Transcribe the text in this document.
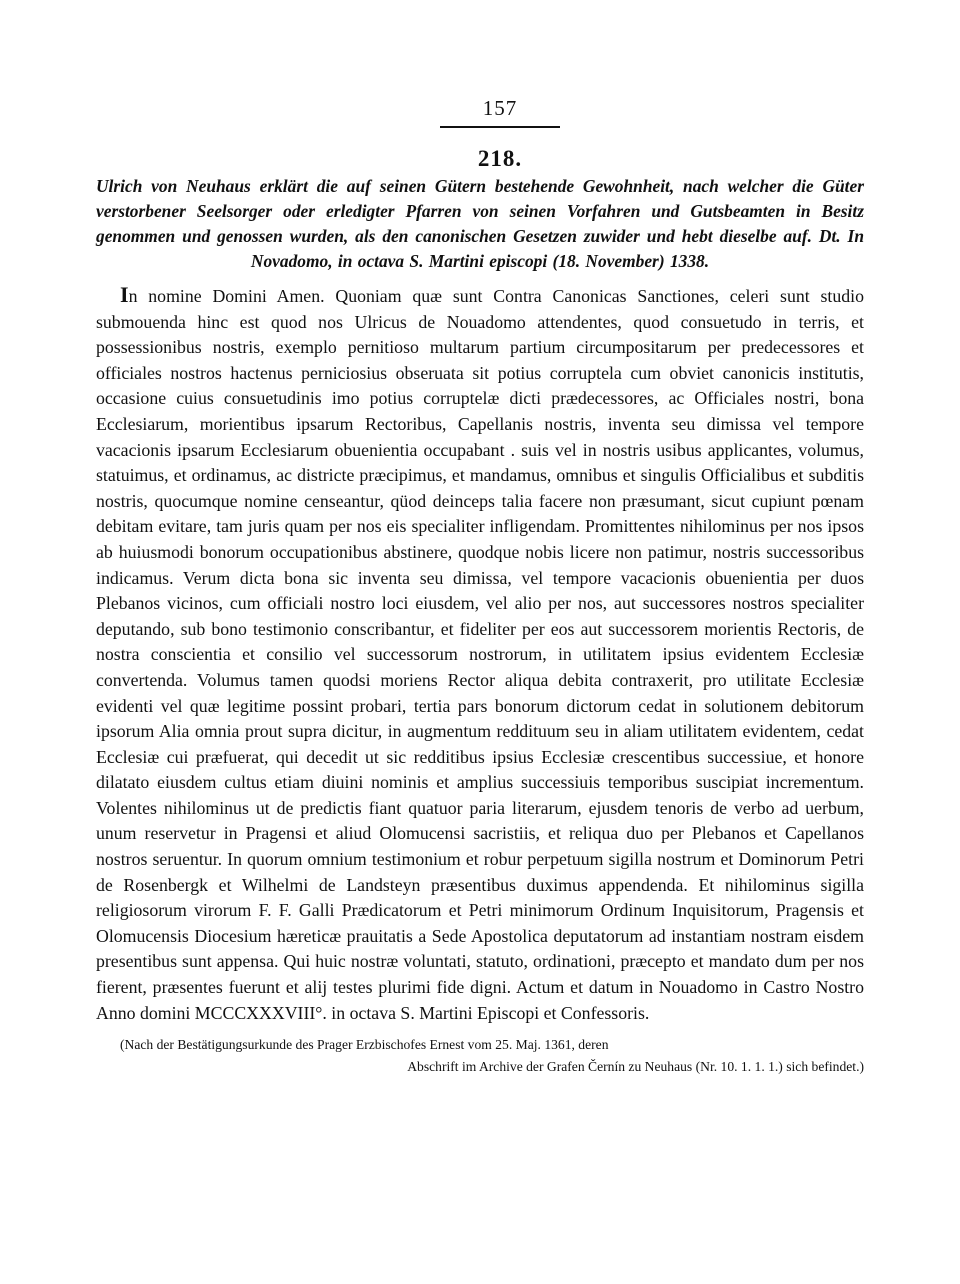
157
218.
Ulrich von Neuhaus erklärt die auf seinen Gütern bestehende Gewohnheit, nach welcher die Güter verstorbener Seelsorger oder erledigter Pfarren von seinen Vorfahren und Gutsbeamten in Besitz genommen und genossen wurden, als den canonischen Gesetzen zuwider und hebt dieselbe auf. Dt. In Novadomo, in octava S. Martini episcopi (18. November) 1338.
In nomine Domini Amen. Quoniam quæ sunt Contra Canonicas Sanctiones, celeri sunt studio submouenda hinc est quod nos Ulricus de Nouadomo attendentes, quod consuetudo in terris, et possessionibus nostris, exemplo pernitioso multarum partium circumpositarum per predecessores et officiales nostros hactenus perniciosius obseruata sit potius corruptela cum obviet canonicis institutis, occasione cuius consuetudinis imo potius corruptelæ dicti prædecessores, ac Officiales nostri, bona Ecclesiarum, morientibus ipsarum Rectoribus, Capellanis nostris, inventa seu dimissa vel tempore vacacionis ipsarum Ecclesiarum obuenientia occupabant . suis vel in nostris usibus applicantes, volumus, statuimus, et ordinamus, ac districte præcipimus, et mandamus, omnibus et singulis Officialibus et subditis nostris, quocumque nomine censeantur, qüod deinceps talia facere non præsumant, sicut cupiunt pœnam debitam evitare, tam juris quam per nos eis specialiter infligendam. Promittentes nihilominus per nos ipsos ab huiusmodi bonorum occupationibus abstinere, quodque nobis licere non patimur, nostris successoribus indicamus. Verum dicta bona sic inventa seu dimissa, vel tempore vacacionis obuenientia per duos Plebanos vicinos, cum officiali nostro loci eiusdem, vel alio per nos, aut successores nostros specialiter deputando, sub bono testimonio conscribantur, et fideliter per eos aut successorem morientis Rectoris, de nostra conscientia et consilio vel successorum nostrorum, in utilitatem ipsius evidentem Ecclesiæ convertenda. Volumus tamen quodsi moriens Rector aliqua debita contraxerit, pro utilitate Ecclesiæ evidenti vel quæ legitime possint probari, tertia pars bonorum dictorum cedat in solutionem debitorum ipsorum Alia omnia prout supra dicitur, in augmentum reddituum seu in aliam utilitatem evidentem, cedat Ecclesiæ cui præfuerat, qui decedit ut sic redditibus ipsius Ecclesiæ crescentibus successiue, et honore dilatato eiusdem cultus etiam diuini nominis et amplius successiuis temporibus suscipiat incrementum. Volentes nihilominus ut de predictis fiant quatuor paria literarum, ejusdem tenoris de verbo ad uerbum, unum reservetur in Pragensi et aliud Olomucensi sacristiis, et reliqua duo per Plebanos et Capellanos nostros seruentur. In quorum omnium testimonium et robur perpetuum sigilla nostrum et Dominorum Petri de Rosenbergk et Wilhelmi de Landsteyn præsentibus duximus appendenda. Et nihilominus sigilla religiosorum virorum F. F. Galli Prædicatorum et Petri minimorum Ordinum Inquisitorum, Pragensis et Olomucensis Diocesium hæreticæ prauitatis a Sede Apostolica deputatorum ad instantiam nostram eisdem presentibus sunt appensa. Qui huic nostræ voluntati, statuto, ordinationi, præcepto et mandato dum per nos fierent, præsentes fuerunt et alij testes plurimi fide digni. Actum et datum in Nouadomo in Castro Nostro Anno domini MCCCXXXVIII°. in octava S. Martini Episcopi et Confessoris.
(Nach der Bestätigungsurkunde des Prager Erzbischofes Ernest vom 25. Maj. 1361, deren
Abschrift im Archive der Grafen Černín zu Neuhaus (Nr. 10. 1. 1. 1.) sich befindet.)
